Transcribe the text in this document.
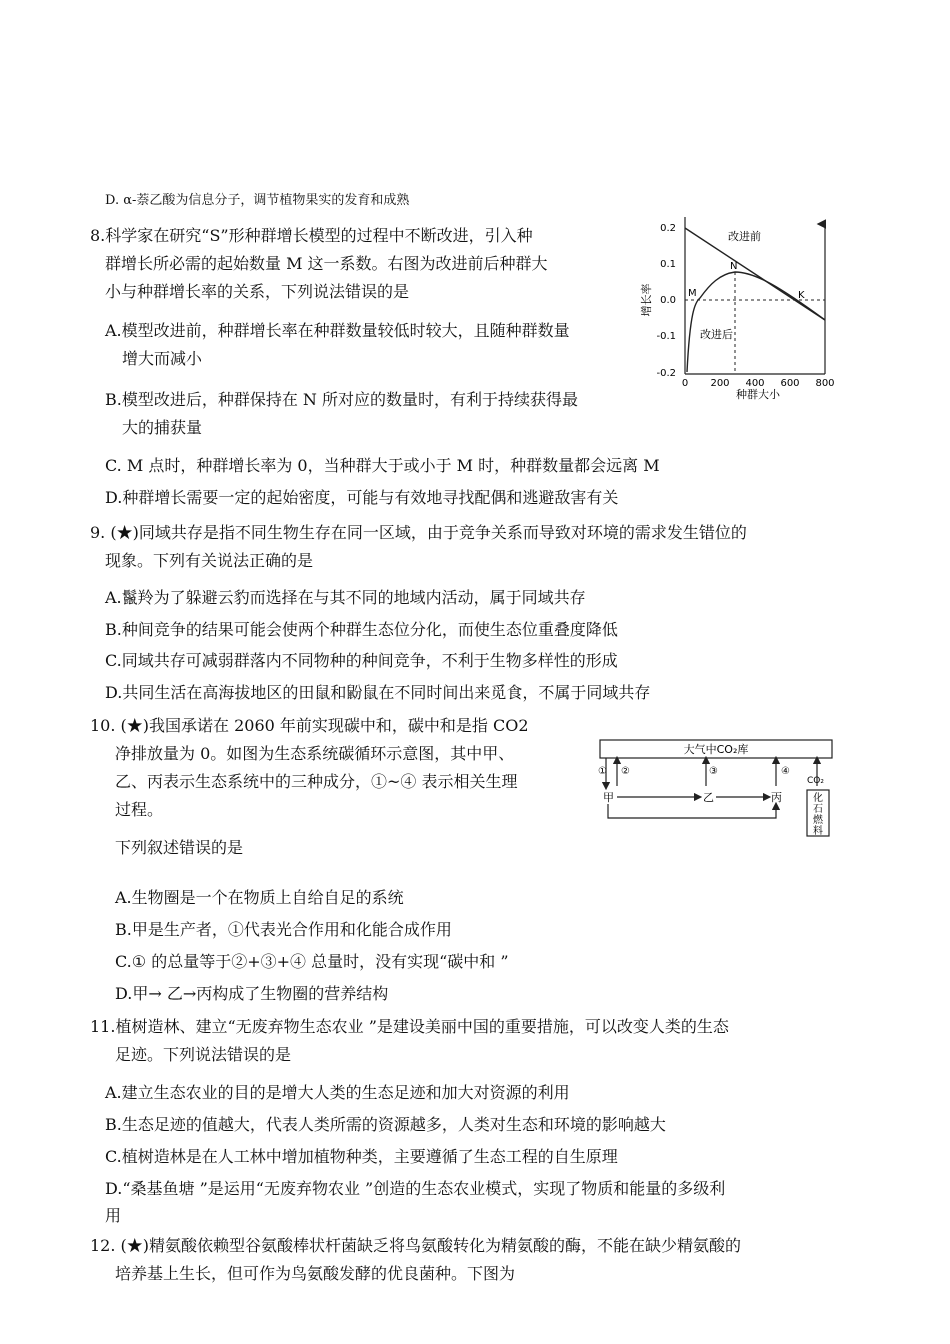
D. α-萘乙酸为信息分子，调节植物果实的发育和成熟
8.科学家在研究“S”形种群增长模型的过程中不断改进，引入种
群增长所必需的起始数量 M 这一系数。右图为改进前后种群大
小与种群增长率的关系，下列说法错误的是
A.模型改进前，种群增长率在种群数量较低时较大，且随种群数量
增大而减小
B.模型改进后，种群保持在 N 所对应的数量时，有利于持续获得最
大的捕获量
C. M 点时，种群增长率为 0，当种群大于或小于 M 时，种群数量都会远离 M
D.种群增长需要一定的起始密度，可能与有效地寻找配偶和逃避敌害有关
0.2
0.1
0.0
-0.1
-0.2
0 200 400 600 800
种群大小
增长率
改进前
改进后
M
N
K
9. (★)同域共存是指不同生物生存在同一区域，由于竞争关系而导致对环境的需求发生错位的
现象。下列有关说法正确的是
A.鬣羚为了躲避云豹而选择在与其不同的地域内活动，属于同域共存
B.种间竞争的结果可能会使两个种群生态位分化，而使生态位重叠度降低
C.同域共存可减弱群落内不同物种的种间竞争，不利于生物多样性的形成
D.共同生活在高海拔地区的田鼠和鼢鼠在不同时间出来觅食，不属于同域共存
10. (★)我国承诺在 2060 年前实现碳中和，碳中和是指 CO2
净排放量为 0。如图为生态系统碳循环示意图，其中甲、
乙、丙表示生态系统中的三种成分，①~④ 表示相关生理
过程。
下列叙述错误的是
A.生物圈是一个在物质上自给自足的系统
B.甲是生产者，①代表光合作用和化能合成作用
C.① 的总量等于②+③+④ 总量时，没有实现“碳中和 ”
D.甲→ 乙→丙构成了生物圈的营养结构
大气中CO₂库
① ②	③	④
CO₂
甲	乙	丙	化
石
燃
料
11.植树造林、建立“无废弃物生态农业 ”是建设美丽中国的重要措施，可以改变人类的生态
足迹。下列说法错误的是
A.建立生态农业的目的是增大人类的生态足迹和加大对资源的利用
B.生态足迹的值越大，代表人类所需的资源越多，人类对生态和环境的影响越大
C.植树造林是在人工林中增加植物种类，主要遵循了生态工程的自生原理
D.“桑基鱼塘 ”是运用“无废弃物农业 ”创造的生态农业模式，实现了物质和能量的多级利
用
12. (★)精氨酸依赖型谷氨酸棒状杆菌缺乏将鸟氨酸转化为精氨酸的酶，不能在缺少精氨酸的
培养基上生长，但可作为鸟氨酸发酵的优良菌种。下图为
